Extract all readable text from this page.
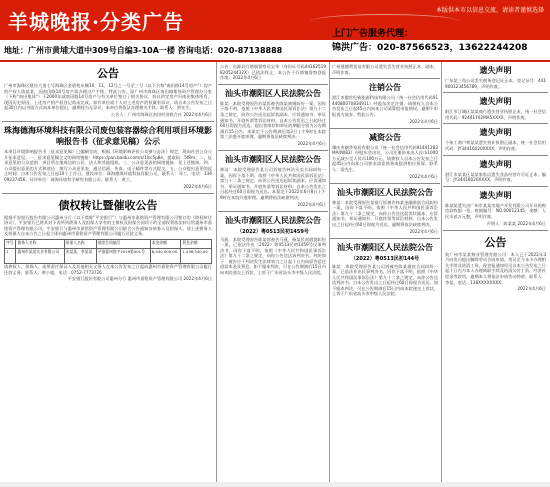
羊城晚报·分类广告	本版供本市以信息交流，请读者谨慎选择
地址：广州市黄埔大道中309号自编3-10A一楼 咨询电话：020-87138888
上门广告服务代理：
锦洪广告：020-87566523，13622244208
公告
广州市海珠区建设大道七号海珠区金碧苑东侧10、11、12号之一号至三号（以下合称"南田路14号房产"）房产的产权人陈某某，因南田路14号房产需办理过户手续，特此公告。原广州市海珠区南田路集体资产管理办公室（下称"南田集体"）于2000年就南田路14号房产与有关单位签订了相关协议，协议约定房产归南田集体所有。现因历史原因，上述房产的产权登记尚未完成。如有单位或个人对上述房产的权属有异议，请自本公告发布之日起30日内以书面方式向本单位提出，逾期视为无异议，本单位将依法办理相关手续。联系人：黄先生。
公告人：广州市海珠区南田经济联合社 2022年4月6日
珠海德海环境科技有限公司废包装容器综合利用项目环境影响报告书（征求意见稿）公示
本项目环境影响报告书（征求意见稿）已编制完成，根据《环境影响评价公众参与办法》规定，现向社会公众公开征求意见。一、征求意见稿全文的网络链接：https://pan.baidu.com/s/1lsc5p8e，提取码：5f8m。二、征求意见的公众范围：项目所在地周边的公民、法人和其他组织。三、公众意见表的网络链接：见上述链接。四、公众提出意见的方式和途径：填写公众意见表，通过信函、传真、电子邮件等方式提交。五、公众提出意见的起止时间：自本公告发布之日起10个工作日。建设单位：珠海德海环境科技有限公司，联系人：邓工，电话：13609237456。环评单位：珠海环境科学研究有限公司，联系人：黄工。
2022年4月6日
债权转让暨催收公告
根据平安银行股份有限公司惠州分行（以下简称"平安银行"）与惠州市嘉铭资产管理有限公司签订的《债权转让协议》，平安银行已将其对下表所列债务人及担保人享有的主债权及担保合同项下的全部权利依法转让给惠州市嘉铭资产管理有限公司。平安银行与惠州市嘉铭资产管理有限公司联合公告通知各债务人及担保人，请上述债务人及担保人自本公告之日起立即向惠州市嘉铭资产管理有限公司履行还款义务。
序号	债务人名称	担保人名称	借款合同编号	本金余额	利息余额
1	惠州市某某实业有限公司	张某某、李某某	平银惠州贷字2019第001号	8,540,000.00	1,236,540.00
请债权人、担保人、连带责任保证人及其他相关义务人在本公告发布之日起向惠州市嘉铭资产管理有限公司履行还款义务。联系人：黄小姐，电话：0752-7773726
平安银行股份有限公司惠州分行 惠州市嘉铭资产管理有限公司 2022年4月6日
公告：东源县灯塔镇督察员宝华（身份证号码44162519820524432X）已依法终止，本公告于灯塔镇督察登报作废。2022年4月6日
汕头市潮阳区人民法院公告
陈某：本院受理原告苏某诉被告陈某离婚纠纷一案，因你下落不明，依照《中华人民共和国民事诉讼法》第九十二条之规定，向你公告送达起诉状副本、应诉通知书、举证通知书、开庭传票等诉讼材料。自本公告发出之日起经过60日即视为送达。提出答辩状和举证的期限分别为公告期满后15日内。本案定于公告期满后第3日上午9时在本院第三法庭开庭审理，逾期将依法缺席判决。
2022年4月6日
汕头市潮阳区人民法院公告
林洁：本院受理原告某公司诉被告林洁买卖合同纠纷一案，因你下落不明，依照《中华人民共和国民事诉讼法》第九十二条之规定，向你公告送达起诉状副本、应诉通知书、举证通知书、开庭传票等诉讼材料。自本公告发出之日起经过60日即视为送达。本案定于2022年6月8日上午9时在本院开庭审理，逾期将依法缺席判决。
2022年4月6日
汕头市潮阳区人民法院公告
（2022）粤0513民初1459号
马燕：本院受理原告陈某诉被告马燕、杨某民间借贷纠纷一案，已依法作出（2022）粤0513民初1459号民事判决书，因你下落不明，依照《中华人民共和国民事诉讼法》第九十二条之规定，向你公告送达该判决书。判决如下：被告应于判决发生法律效力之日起十日内向原告偿还借款本金及利息。如不服本判决，可在公告期满后15日内向本院递交上诉状，上诉于广东省汕头市中级人民法院。
广州建德利贸易有限公司遗失丢失营业执照正本、副本，声明作废。
注销公告
湛江市傲世纪新能源科技有限公司（统一社会信用代码914408007083491L）经股东决定注销，请债权人自本公告发布之日起45日内向本公司清算组申报债权，逾期不申报视为放弃。特此公告。
2022年4月6日
减资公告
肇庆市颐华家居有限公司（统一社会信用代码91441283MA4W82）经股东会决议，公司注册资本由人民币1000万元减少至人民币100万元，请债权人自本公告发布之日起45日内向本公司要求清偿债务或提供相应担保。联系人：梁先生。
2022年4月6日
汕头市潮阳区人民法院公告
林某：本院受理原告某银行诉被告林某金融借款合同纠纷一案，因你下落不明，依照《中华人民共和国民事诉讼法》第九十二条之规定，向你公告送达起诉状副本、应诉通知书、举证通知书、开庭传票等诉讼材料。自本公告发出之日起经过60日即视为送达，逾期将依法缺席判决。
2022年4月6日
汕头市潮阳区人民法院公告
（2022）粤0513民初144号
陈某：本院受理原告某公司诉被告陈某借款合同纠纷一案，已依法作出民事判决书，因你下落不明，依照《中华人民共和国民事诉讼法》第九十二条之规定，向你公告送达判决书。自本公告发出之日起经过60日即视为送达。如不服本判决，可在公告期满后15日内向本院递交上诉状，上诉于广东省汕头市中级人民法院。
遗失声明
广东某三角公司丢失税务登记证正本，登记证号：441900123456789，声明作废。
遗失声明
阳江市江城区某某商行遗失营业执照正本，统一社会信用代码：92441702MA5XXXX，声明作废。
遗失声明
个体工商户黄某某遗失营业执照正副本，统一社会信用代码：JY34416020XXXX，声明作废。
遗失声明
湛江市某某区某某家私店遗失食品经营许可证正本，编号：JY34418020XXXX，声明作废。
遗失声明
陈某某遗失由广州市某某房地产开发有限公司开具的购房款收据一张，收据编号：NO.00012345，金额：人民币贰万元整，声明作废。
声明人：陈某某 2022年4月6日
公告
致广州市某某物业管理有限公司：本人已于2022年3月向贵司提出解除劳动合同申请，贵司至今未予办理相关手续及结清工资。现登报通知贵司自本公告发布之日起十日内为本人办理离职手续及结清欠付工资、经济补偿金等款项，逾期本人将依法申请劳动仲裁。联系人：李某，电话：138XXXXXXXX。
2022年4月6日
